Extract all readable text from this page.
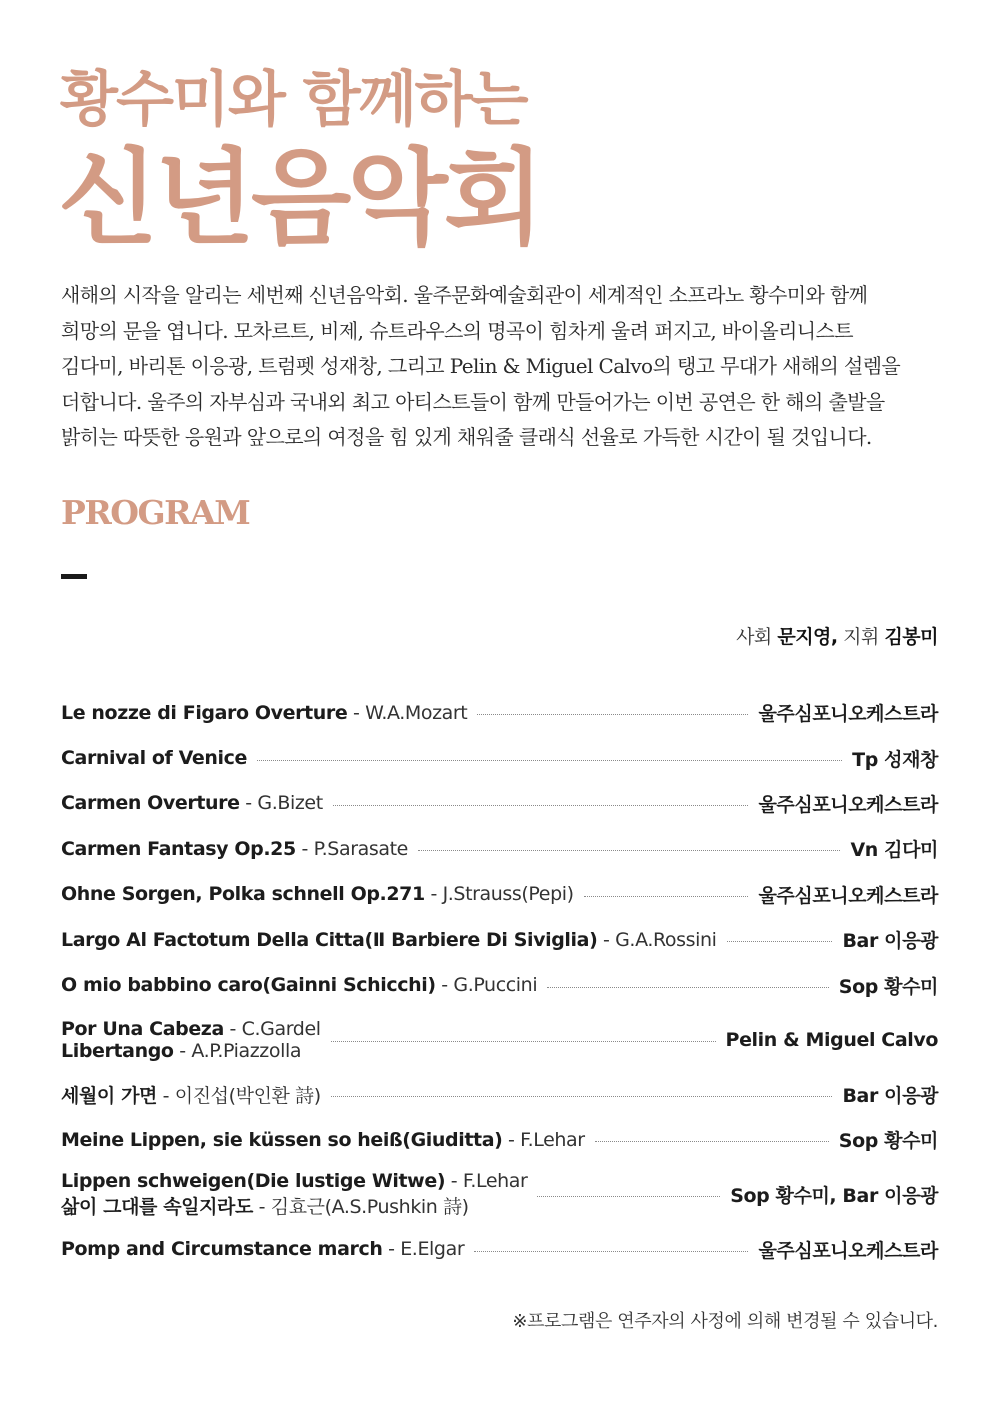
황수미와 함께하는
신년음악회

새해의 시작을 알리는 세번째 신년음악회. 울주문화예술회관이 세계적인 소프라노 황수미와 함께
희망의 문을 엽니다. 모차르트, 비제, 슈트라우스의 명곡이 힘차게 울려 퍼지고, 바이올리니스트
김다미, 바리톤 이응광, 트럼펫 성재창, 그리고 Pelin & Miguel Calvo의 탱고 무대가 새해의 설렘을
더합니다. 울주의 자부심과 국내외 최고 아티스트들이 함께 만들어가는 이번 공연은 한 해의 출발을
밝히는 따뜻한 응원과 앞으로의 여정을 힘 있게 채워줄 클래식 선율로 가득한 시간이 될 것입니다.

PROGRAM
사회 문지영, 지휘 김봉미
Le nozze di Figaro Overture - W.A.Mozart	울주심포니오케스트라
Carnival of Venice	Tp 성재창
Carmen Overture - G.Bizet	울주심포니오케스트라
Carmen Fantasy Op.25 - P.Sarasate	Vn 김다미
Ohne Sorgen, Polka schnell Op.271 - J.Strauss(Pepi)	울주심포니오케스트라
Largo Al Factotum Della Citta(Ⅱ Barbiere Di Siviglia) - G.A.Rossini	Bar 이응광
O mio babbino caro(Gainni Schicchi) - G.Puccini	Sop 황수미
Por Una Cabeza - C.Gardel
Libertango - A.P.Piazzolla	Pelin & Miguel Calvo
세월이 가면 - 이진섭(박인환 詩)	Bar 이응광
Meine Lippen, sie küssen so heiß(Giuditta) - F.Lehar	Sop 황수미
Lippen schweigen(Die lustige Witwe) - F.Lehar
삶이 그대를 속일지라도 - 김효근(A.S.Pushkin 詩)	Sop 황수미, Bar 이응광
Pomp and Circumstance march - E.Elgar	울주심포니오케스트라
※프로그램은 연주자의 사정에 의해 변경될 수 있습니다.
